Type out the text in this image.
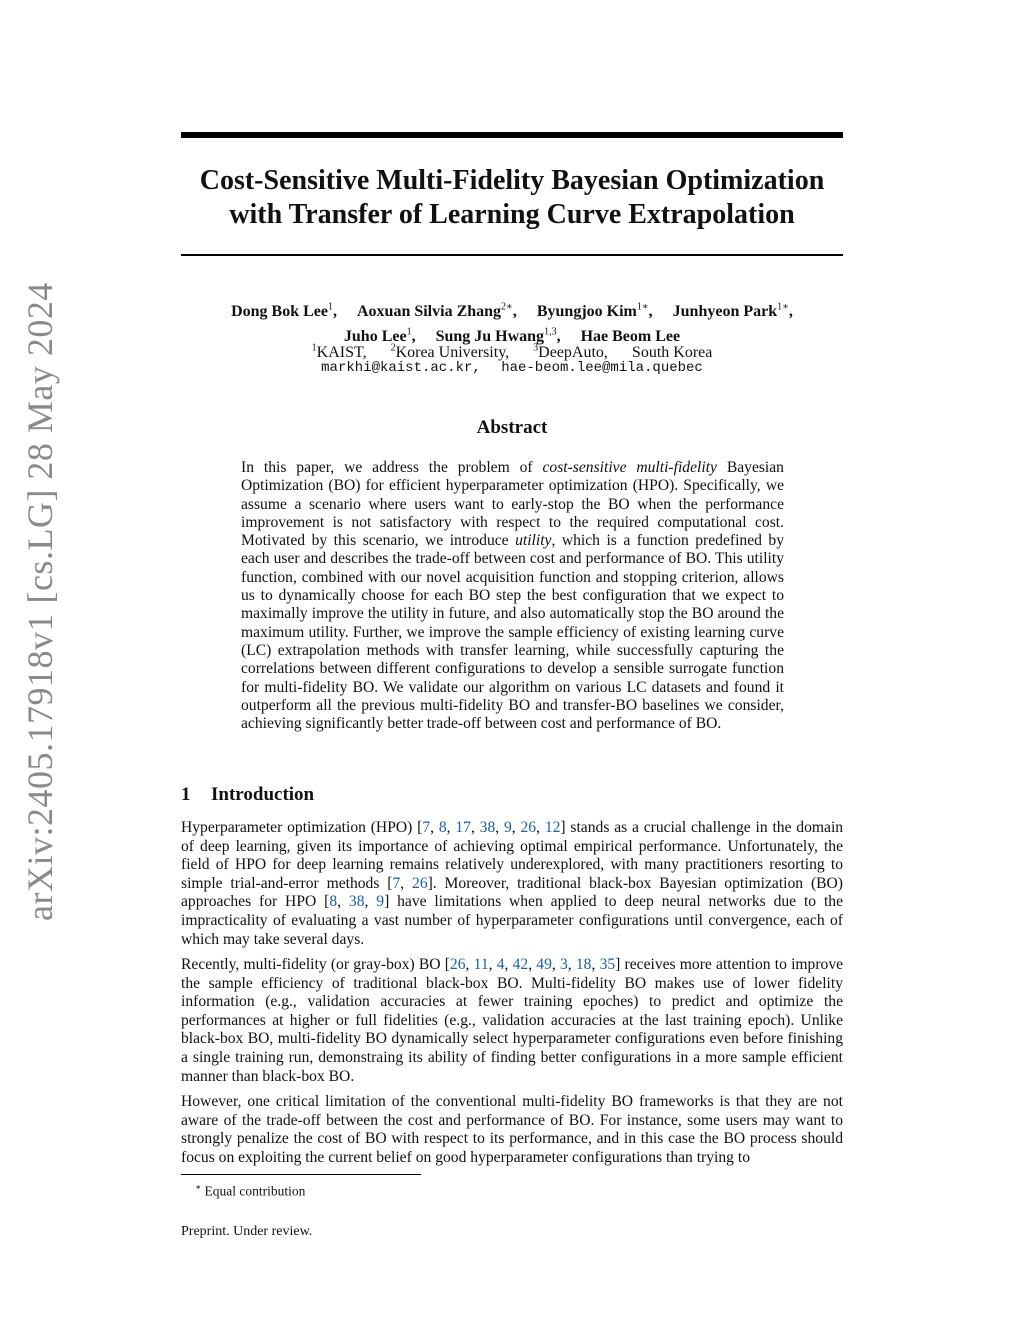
arXiv:2405.17918v1 [cs.LG] 28 May 2024
Cost-Sensitive Multi-Fidelity Bayesian Optimization
with Transfer of Learning Curve Extrapolation
Dong Bok Lee$^1$, Aoxuan Silvia Zhang$^{2∗}$, Byungjoo Kim$^{1∗}$, Junhyeon Park$^{1∗}$,
Juho Lee$^1$, Sung Ju Hwang$^{1,3}$, Hae Beom Lee
$^1$KAIST, $^2$Korea University, $^3$DeepAuto, South Korea
markhi@kaist.ac.kr, hae-beom.lee@mila.quebec
Abstract

In this paper, we address the problem of cost-sensitive multi-fidelity Bayesian Optimization (BO) for efficient hyperparameter optimization (HPO). Specifically, we assume a scenario where users want to early-stop the BO when the performance improvement is not satisfactory with respect to the required computational cost. Motivated by this scenario, we introduce utility, which is a function predefined by each user and describes the trade-off between cost and performance of BO. This utility function, combined with our novel acquisition function and stopping criterion, allows us to dynamically choose for each BO step the best configuration that we expect to maximally improve the utility in future, and also automatically stop the BO around the maximum utility. Further, we improve the sample efficiency of existing learning curve (LC) extrapolation methods with transfer learning, while successfully capturing the correlations between different configurations to develop a sensible surrogate function for multi-fidelity BO. We validate our algorithm on various LC datasets and found it outperform all the previous multi-fidelity BO and transfer-BO baselines we consider, achieving significantly better trade-off between cost and performance of BO.

1 Introduction

Hyperparameter optimization (HPO) [7, 8, 17, 38, 9, 26, 12] stands as a crucial challenge in the domain of deep learning, given its importance of achieving optimal empirical performance. Unfortunately, the field of HPO for deep learning remains relatively underexplored, with many practitioners resorting to simple trial-and-error methods [7, 26]. Moreover, traditional black-box Bayesian optimization (BO) approaches for HPO [8, 38, 9] have limitations when applied to deep neural networks due to the impracticality of evaluating a vast number of hyperparameter configurations until convergence, each of which may take several days.

Recently, multi-fidelity (or gray-box) BO [26, 11, 4, 42, 49, 3, 18, 35] receives more attention to improve the sample efficiency of traditional black-box BO. Multi-fidelity BO makes use of lower fidelity information (e.g., validation accuracies at fewer training epoches) to predict and optimize the performances at higher or full fidelities (e.g., validation accuracies at the last training epoch). Unlike black-box BO, multi-fidelity BO dynamically select hyperparameter configurations even before finishing a single training run, demonstraing its ability of finding better configurations in a more sample efficient manner than black-box BO.

However, one critical limitation of the conventional multi-fidelity BO frameworks is that they are not aware of the trade-off between the cost and performance of BO. For instance, some users may want to strongly penalize the cost of BO with respect to its performance, and in this case the BO process should focus on exploiting the current belief on good hyperparameter configurations than trying to

∗ Equal contribution
Preprint. Under review.
